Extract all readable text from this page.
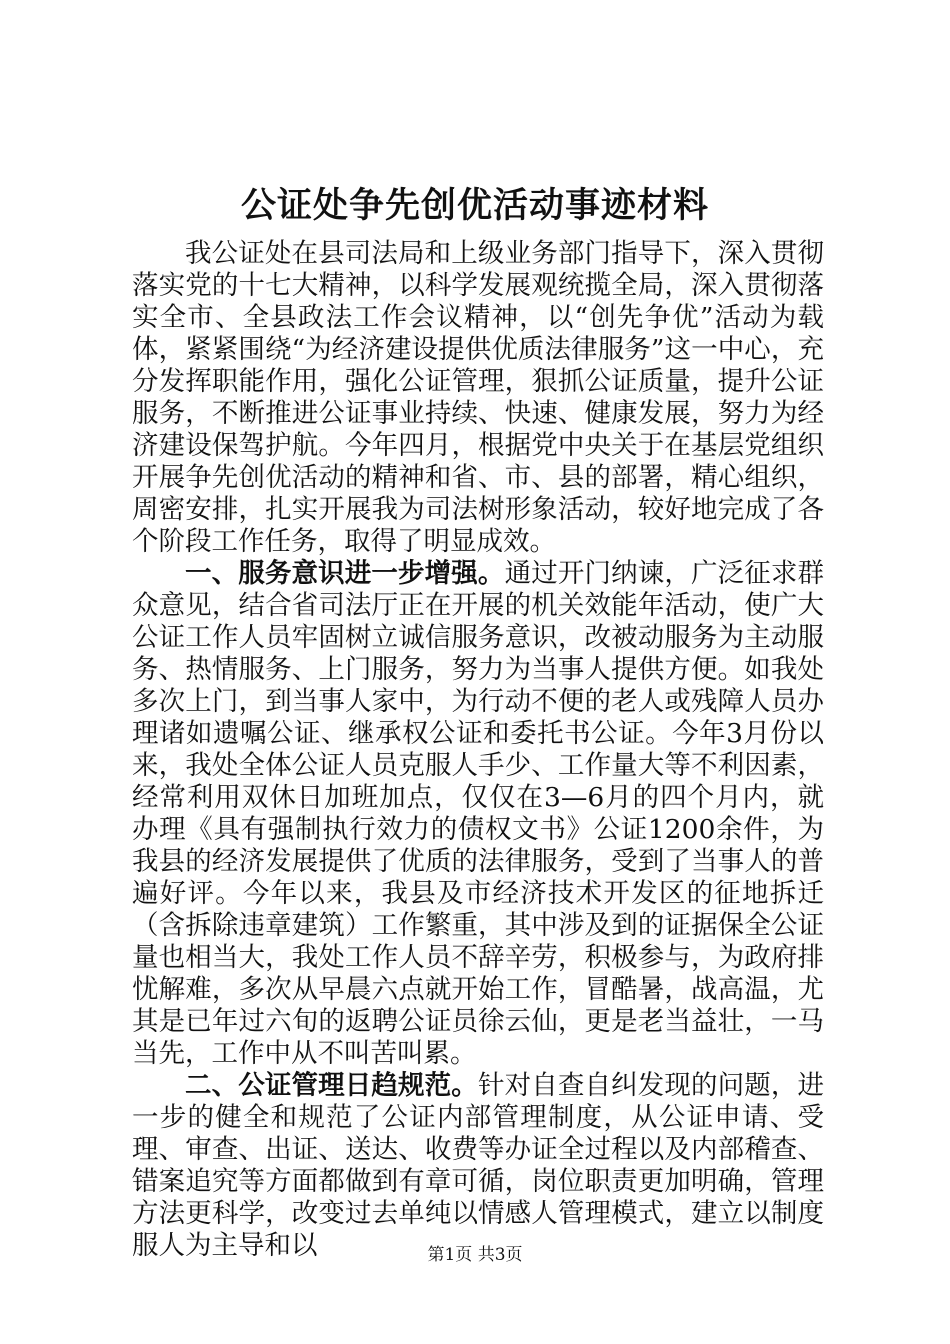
公证处争先创优活动事迹材料

我公证处在县司法局和上级业务部门指导下，深入贯彻落实党的十七大精神，以科学发展观统揽全局，深入贯彻落实全市、全县政法工作会议精神，以“创先争优”活动为载体，紧紧围绕“为经济建设提供优质法律服务”这一中心，充分发挥职能作用，强化公证管理，狠抓公证质量，提升公证服务，不断推进公证事业持续、快速、健康发展，努力为经济建设保驾护航。今年四月，根据党中央关于在基层党组织开展争先创优活动的精神和省、市、县的部署，精心组织，周密安排，扎实开展我为司法树形象活动，较好地完成了各个阶段工作任务，取得了明显成效。

一、服务意识进一步增强。通过开门纳谏，广泛征求群众意见，结合省司法厅正在开展的机关效能年活动，使广大公证工作人员牢固树立诚信服务意识，改被动服务为主动服务、热情服务、上门服务，努力为当事人提供方便。如我处多次上门，到当事人家中，为行动不便的老人或残障人员办理诸如遗嘱公证、继承权公证和委托书公证。今年3月份以来，我处全体公证人员克服人手少、工作量大等不利因素，经常利用双休日加班加点，仅仅在3—6月的四个月内，就办理《具有强制执行效力的债权文书》公证1200余件，为我县的经济发展提供了优质的法律服务，受到了当事人的普遍好评。今年以来，我县及市经济技术开发区的征地拆迁（含拆除违章建筑）工作繁重，其中涉及到的证据保全公证量也相当大，我处工作人员不辞辛劳，积极参与，为政府排忧解难，多次从早晨六点就开始工作，冒酷暑，战高温，尤其是已年过六旬的返聘公证员徐云仙，更是老当益壮，一马当先，工作中从不叫苦叫累。

二、公证管理日趋规范。针对自查自纠发现的问题，进一步的健全和规范了公证内部管理制度，从公证申请、受理、审查、出证、送达、收费等办证全过程以及内部稽查、错案追究等方面都做到有章可循，岗位职责更加明确，管理方法更科学，改变过去单纯以情感人管理模式，建立以制度服人为主导和以	第1页 共3页
